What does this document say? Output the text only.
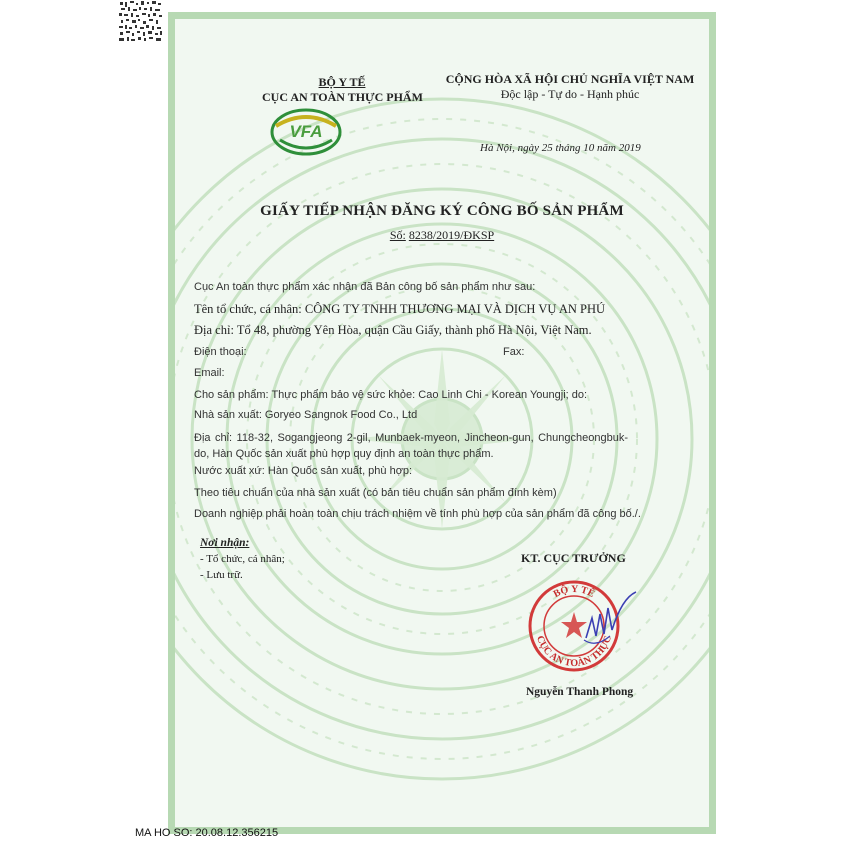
BỘ Y TẾ
CỤC AN TOÀN THỰC PHẨM
VFA
CỘNG HÒA XÃ HỘI CHỦ NGHĨA VIỆT NAM
Độc lập - Tự do - Hạnh phúc
Hà Nội, ngày 25 tháng 10 năm 2019
GIẤY TIẾP NHẬN ĐĂNG KÝ CÔNG BỐ SẢN PHẨM
Số: 8238/2019/ĐKSP
Cục An toàn thực phẩm xác nhận đã Bản công bố sản phẩm như sau:
Tên tổ chức, cá nhân: CÔNG TY TNHH THƯƠNG MẠI VÀ DỊCH VỤ AN PHÚ
Địa chỉ: Tổ 48, phường Yên Hòa, quận Cầu Giấy, thành phố Hà Nội, Việt Nam.
Điện thoại:	Fax:
Email:
Cho sản phẩm: Thực phẩm bảo vệ sức khỏe: Cao Linh Chi - Korean Youngji; do:
Nhà sản xuất: Goryeo Sangnok Food Co., Ltd
Địa chỉ: 118-32, Sogangjeong 2-gil, Munbaek-myeon, Jincheon-gun, Chungcheongbuk-do, Hàn Quốc sản xuất phù hợp quy định an toàn thực phẩm.
Nước xuất xứ: Hàn Quốc sản xuất, phù hợp:
Theo tiêu chuẩn của nhà sản xuất (có bản tiêu chuẩn sản phẩm đính kèm)
Doanh nghiệp phải hoàn toàn chịu trách nhiệm về tính phù hợp của sản phẩm đã công bố./.
Nơi nhận:
- Tổ chức, cá nhân;
- Lưu trữ.
KT. CỤC TRƯỞNG
BỘ Y TẾ
CỤC AN TOÀN THỰC
Nguyễn Thanh Phong
MA HO SO: 20.08.12.356215
